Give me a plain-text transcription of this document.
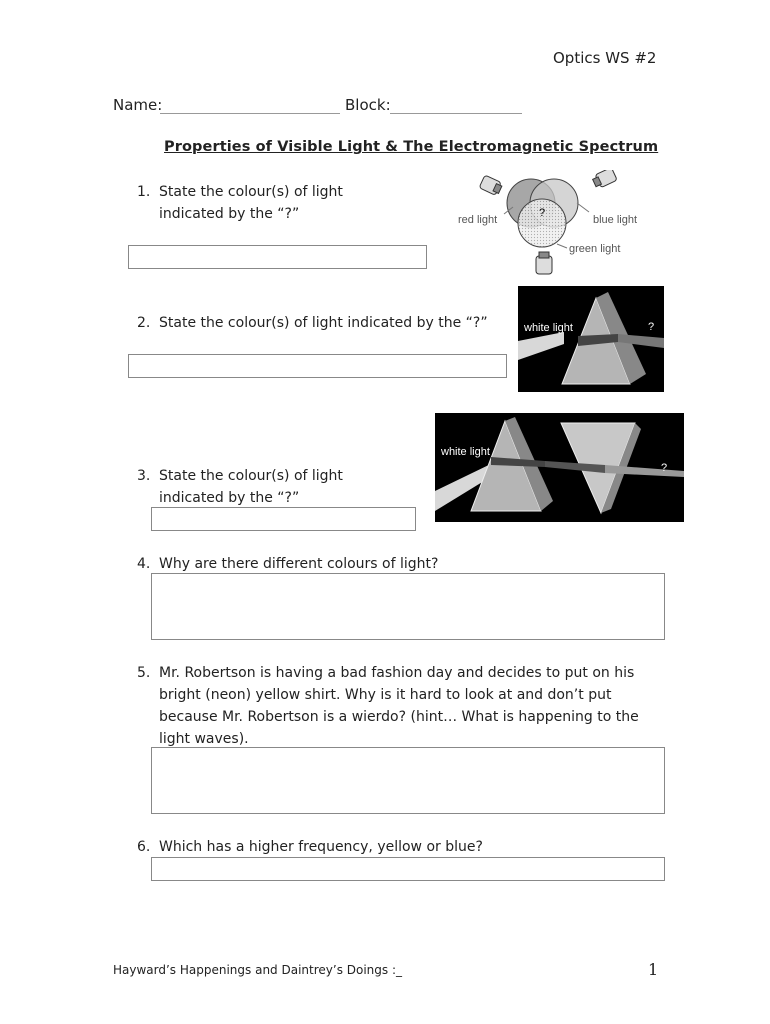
Optics WS #2
Name:	Block:
Properties of Visible Light & The Electromagnetic Spectrum
1. State the colour(s) of light
indicated by the “?”	?
red light	blue light
green light
2. State the colour(s) of light indicated by the “?”	white light	?
white light
?
3. State the colour(s) of light
indicated by the “?”
4. Why are there different colours of light?
5. Mr. Robertson is having a bad fashion day and decides to put on his
bright (neon) yellow shirt. Why is it hard to look at and don’t put
because Mr. Robertson is a wierdo? (hint… What is happening to the
light waves).
6. Which has a higher frequency, yellow or blue?
Hayward’s Happenings and Daintrey’s Doings :_	1
